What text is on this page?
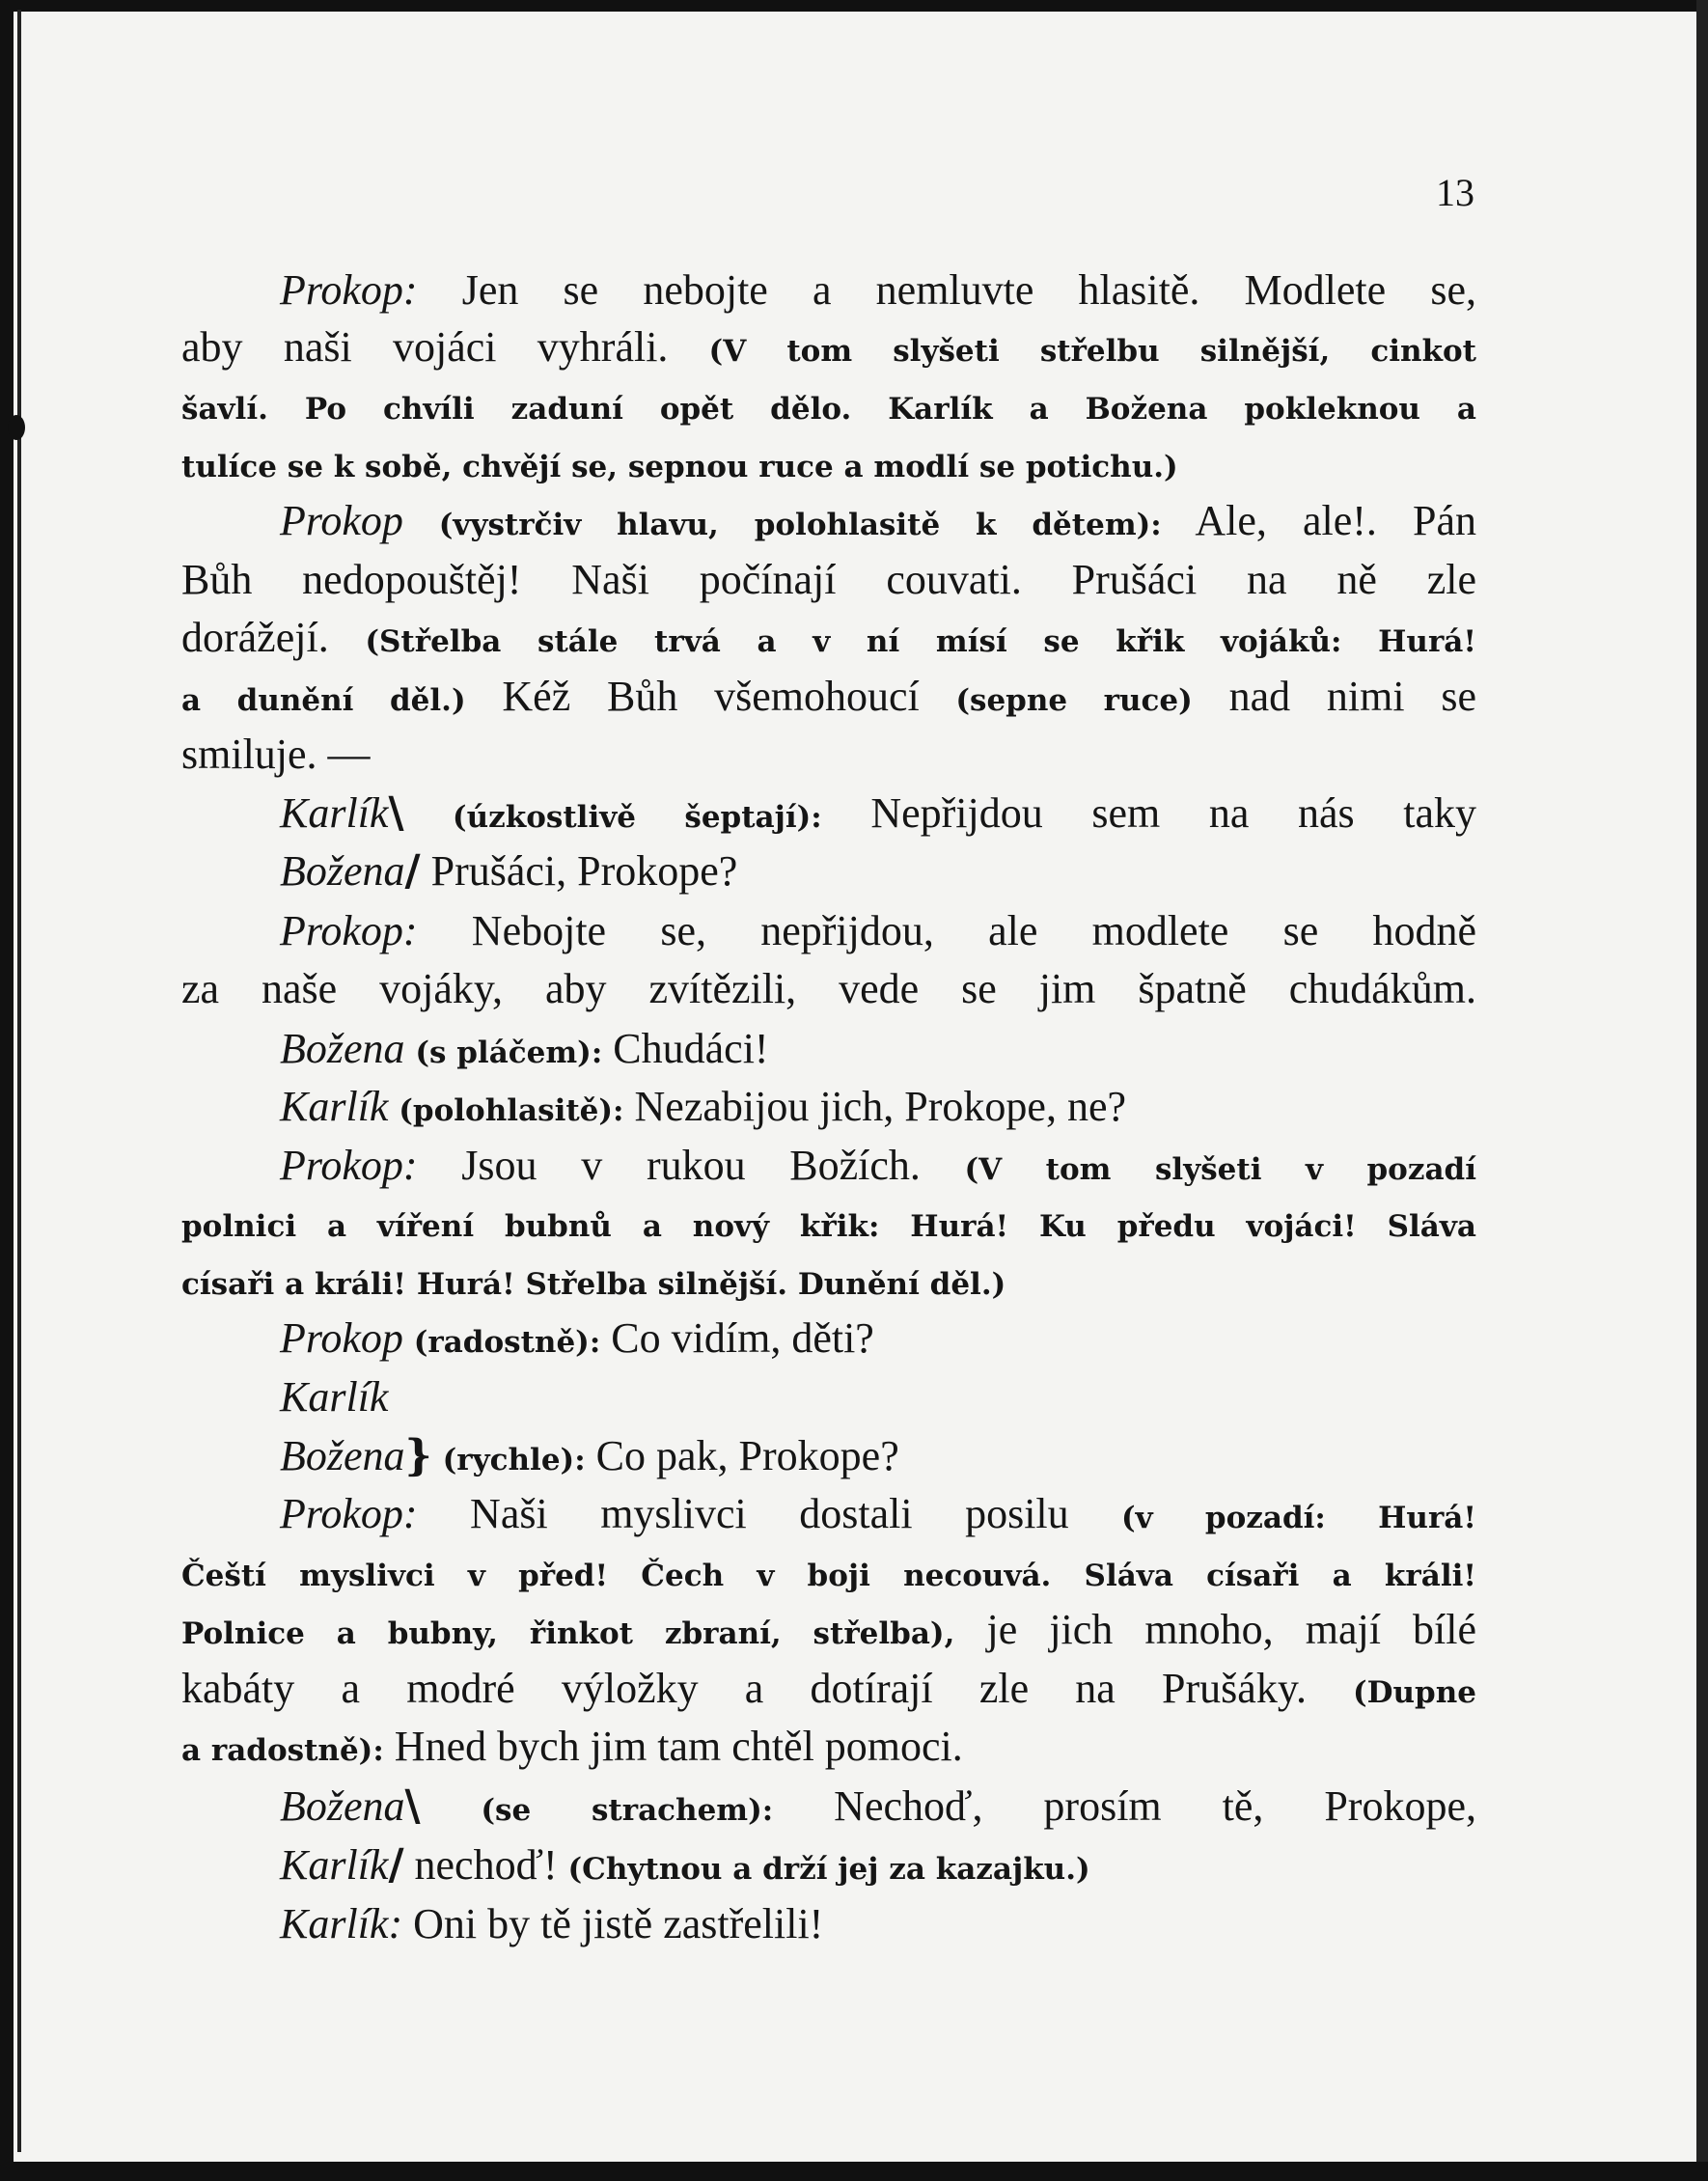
13
Prokop: Jen se nebojte a nemluvte hlasitě. Modlete se,
aby naši vojáci vyhráli. (V tom slyšeti střelbu silnější, cinkot
šavlí. Po chvíli zaduní opět dělo. Karlík a Božena pokleknou a
tulíce se k sobě, chvějí se, sepnou ruce a modlí se potichu.)
Prokop (vystrčiv hlavu, polohlasitě k dětem): Ale, ale!. Pán
Bůh nedopouštěj! Naši počínají couvati. Prušáci na ně zle
dorážejí. (Střelba stále trvá a v ní mísí se křik vojáků: Hurá!
a dunění děl.) Kéž Bůh všemohoucí (sepne ruce) nad nimi se
smiluje. —
Karlík\ (úzkostlivě šeptají): Nepřijdou sem na nás taky
Božena/ Prušáci, Prokope?
Prokop: Nebojte se, nepřijdou, ale modlete se hodně
za naše vojáky, aby zvítězili, vede se jim špatně chudákům.
Božena (s pláčem): Chudáci!
Karlík (polohlasitě): Nezabijou jich, Prokope, ne?
Prokop: Jsou v rukou Božích. (V tom slyšeti v pozadí
polnici a víření bubnů a nový křik: Hurá! Ku předu vojáci! Sláva
císaři a králi! Hurá! Střelba silnější. Dunění děl.)
Prokop (radostně): Co vidím, děti?
Karlík
Božena} (rychle): Co pak, Prokope?
Prokop: Naši myslivci dostali posilu (v pozadí: Hurá!
Čeští myslivci v před! Čech v boji necouvá. Sláva císaři a králi!
Polnice a bubny, řinkot zbraní, střelba), je jich mnoho, mají bílé
kabáty a modré výložky a dotírají zle na Prušáky. (Dupne
a radostně): Hned bych jim tam chtěl pomoci.
Božena\ (se strachem): Nechoď, prosím tě, Prokope,
Karlík/ nechoď! (Chytnou a drží jej za kazajku.)
Karlík: Oni by tě jistě zastřelili!
